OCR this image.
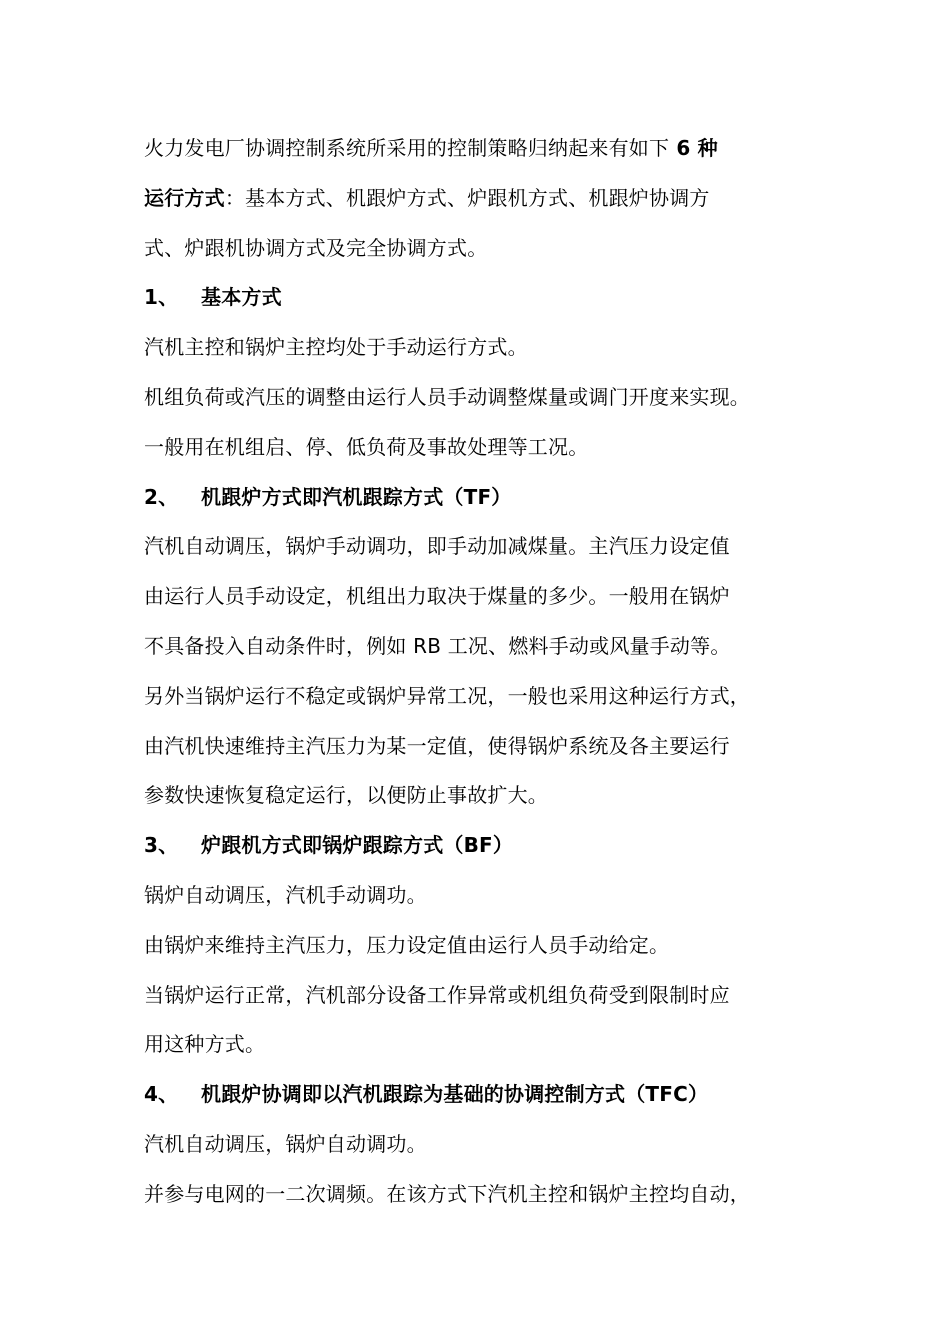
火力发电厂协调控制系统所采用的控制策略归纳起来有如下 6 种
运行方式：基本方式、机跟炉方式、炉跟机方式、机跟炉协调方
式、炉跟机协调方式及完全协调方式。
1、 基本方式
汽机主控和锅炉主控均处于手动运行方式。
机组负荷或汽压的调整由运行人员手动调整煤量或调门开度来实现。
一般用在机组启、停、低负荷及事故处理等工况。
2、 机跟炉方式即汽机跟踪方式（TF）
汽机自动调压，锅炉手动调功，即手动加减煤量。主汽压力设定值
由运行人员手动设定，机组出力取决于煤量的多少。一般用在锅炉
不具备投入自动条件时，例如 RB 工况、燃料手动或风量手动等。
另外当锅炉运行不稳定或锅炉异常工况，一般也采用这种运行方式，
由汽机快速维持主汽压力为某一定值，使得锅炉系统及各主要运行
参数快速恢复稳定运行，以便防止事故扩大。
3、 炉跟机方式即锅炉跟踪方式（BF）
锅炉自动调压，汽机手动调功。
由锅炉来维持主汽压力，压力设定值由运行人员手动给定。
当锅炉运行正常，汽机部分设备工作异常或机组负荷受到限制时应
用这种方式。
4、 机跟炉协调即以汽机跟踪为基础的协调控制方式（TFC）
汽机自动调压，锅炉自动调功。
并参与电网的一二次调频。在该方式下汽机主控和锅炉主控均自动，
